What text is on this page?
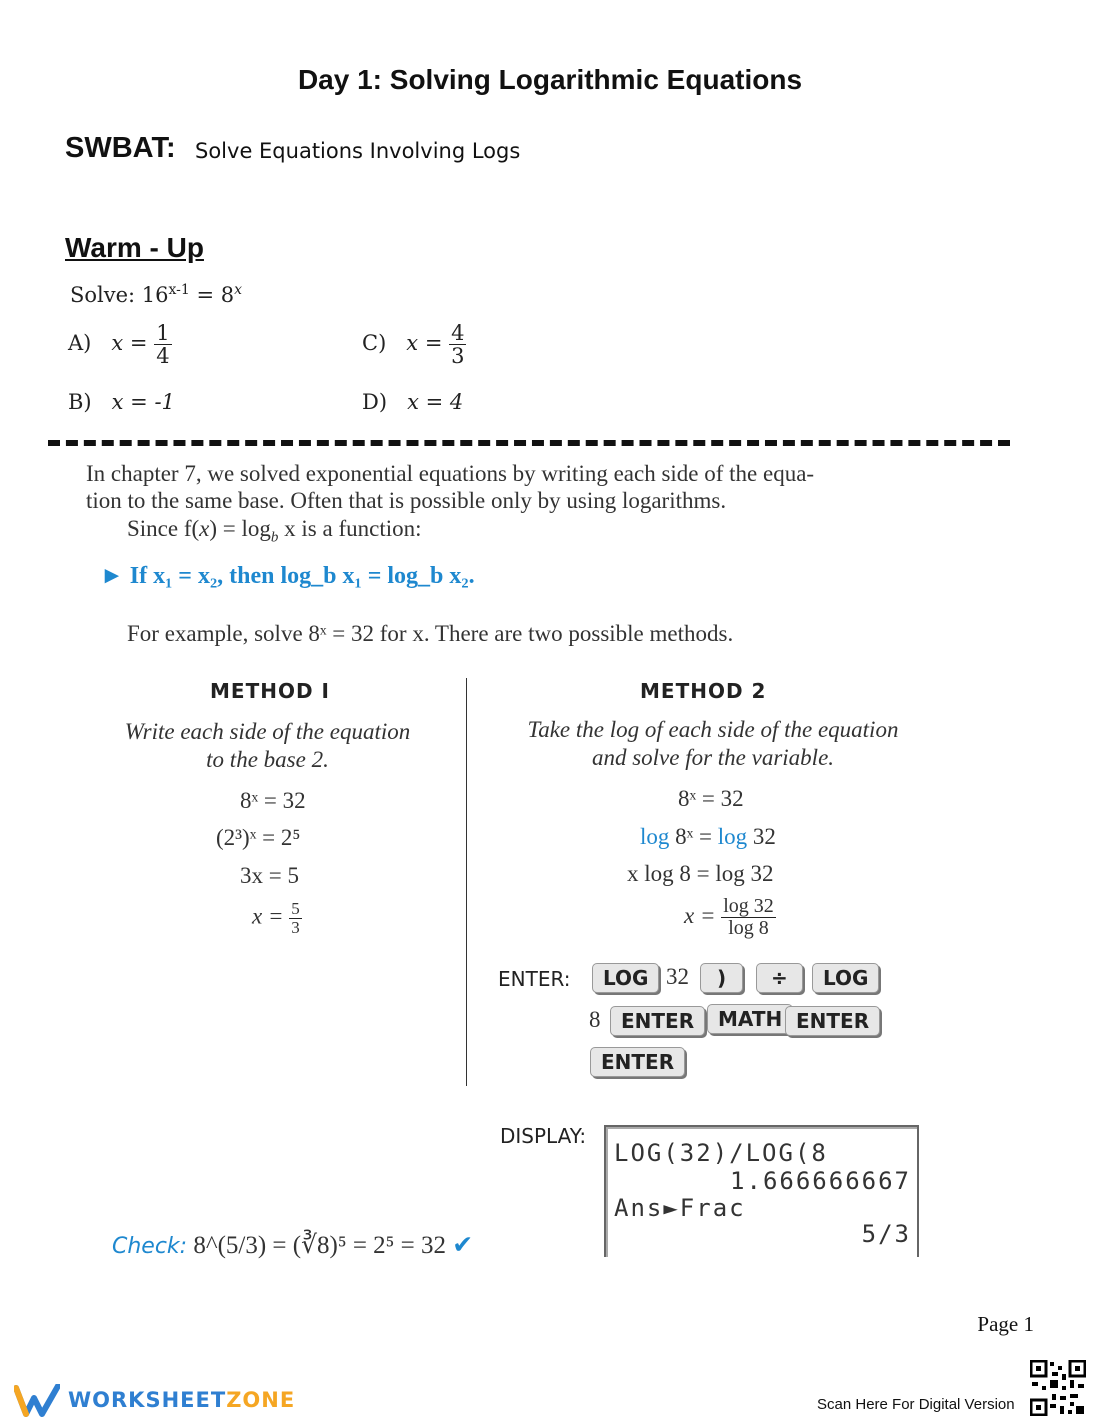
Day 1: Solving Logarithmic Equations
SWBAT: Solve Equations Involving Logs
Warm - Up
Solve: $16^{x-1} = 8^x$
A) $x = \frac{1}{4}$
B) x = -1
C) $x = \frac{4}{3}$
D) x = 4
In chapter 7, we solved exponential equations by writing each side of the equa-
tion to the same base. Often that is possible only by using logarithms.
Since $f(x) = \log_b x$ is a function:
► If x₁ = x₂, then log_b x₁ = log_b x₂.
For example, solve 8ˣ = 32 for x. There are two possible methods.
METHOD I
Write each side of the equation
to the base 2.
8ˣ = 32
(2³)ˣ = 2⁵
3x = 5
$x = \frac{5}{3}$
METHOD 2
Take the log of each side of the equation
and solve for the variable.
8ˣ = 32
log 8ˣ = log 32
x log 8 = log 32
$x = \frac{\log 32}{\log 8}$
ENTER:	LOG 32	)	÷	LOG
8	ENTER	MATH ENTER
ENTER
DISPLAY:
LOG(32)/LOG(8
1.666666667
Ans►Frac
5/3
Check: 8^(5/3) = (∛8)⁵ = 2⁵ = 32 ✔
Page 1
WORKSHEETZONE	Scan Here For Digital Version
